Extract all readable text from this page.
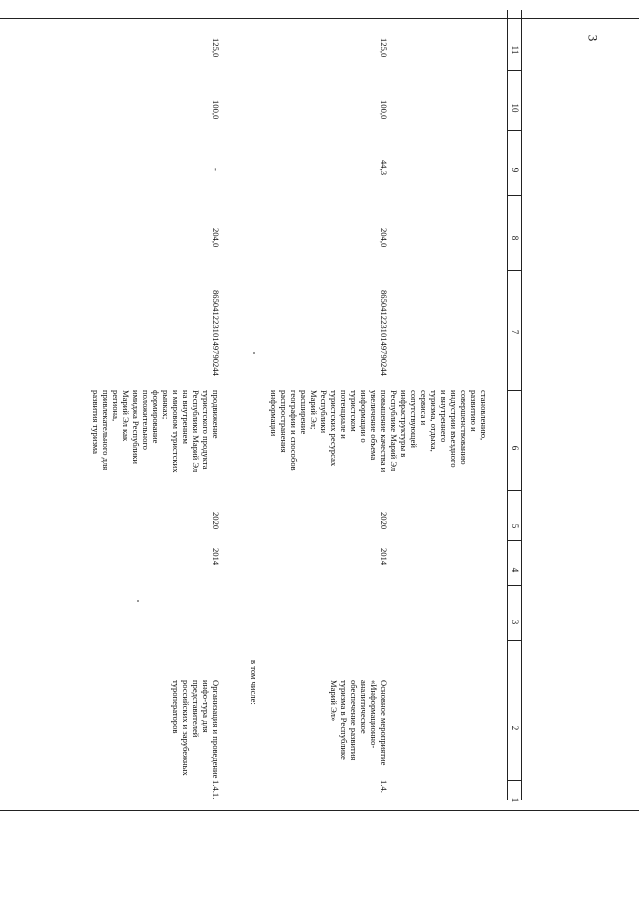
3
11
10
9
8
7
6
5
4
3
2
1
становлению,
развитию и
совершенствованию
индустрии въездного
и внутреннего
туризма, отдыха,
сервиса и
сопутствующей
инфраструктуры в
Республике Марий Эл
1.4.
Основное мероприятие
«Информационно-
аналитическое
обеспечение развития
туризма в Республике
Марий Эл»
2014
2020
повышение качества и
увеличение объема
информации о
туристском
потенциале и
туристских ресурсах
Республики
Марий Эл;
расширение
географии и способов
распространения
информации
86504122310149790244
204,0
44,3
100,0
125,0
в том числе:
1.4.1.
Организация и проведение
инфо-тура для
представителей
российских и зарубежных
туроператоров
2014
2020
продвижение
туристского продукта
Республики Марий Эл
на внутреннем
и мировом туристских
рынках;
формирование
положительного
имиджа Республики
Марий Эл как
региона,
привлекательного для
развития туризма
86504122310149790244
204,0
-
100,0
125,0
